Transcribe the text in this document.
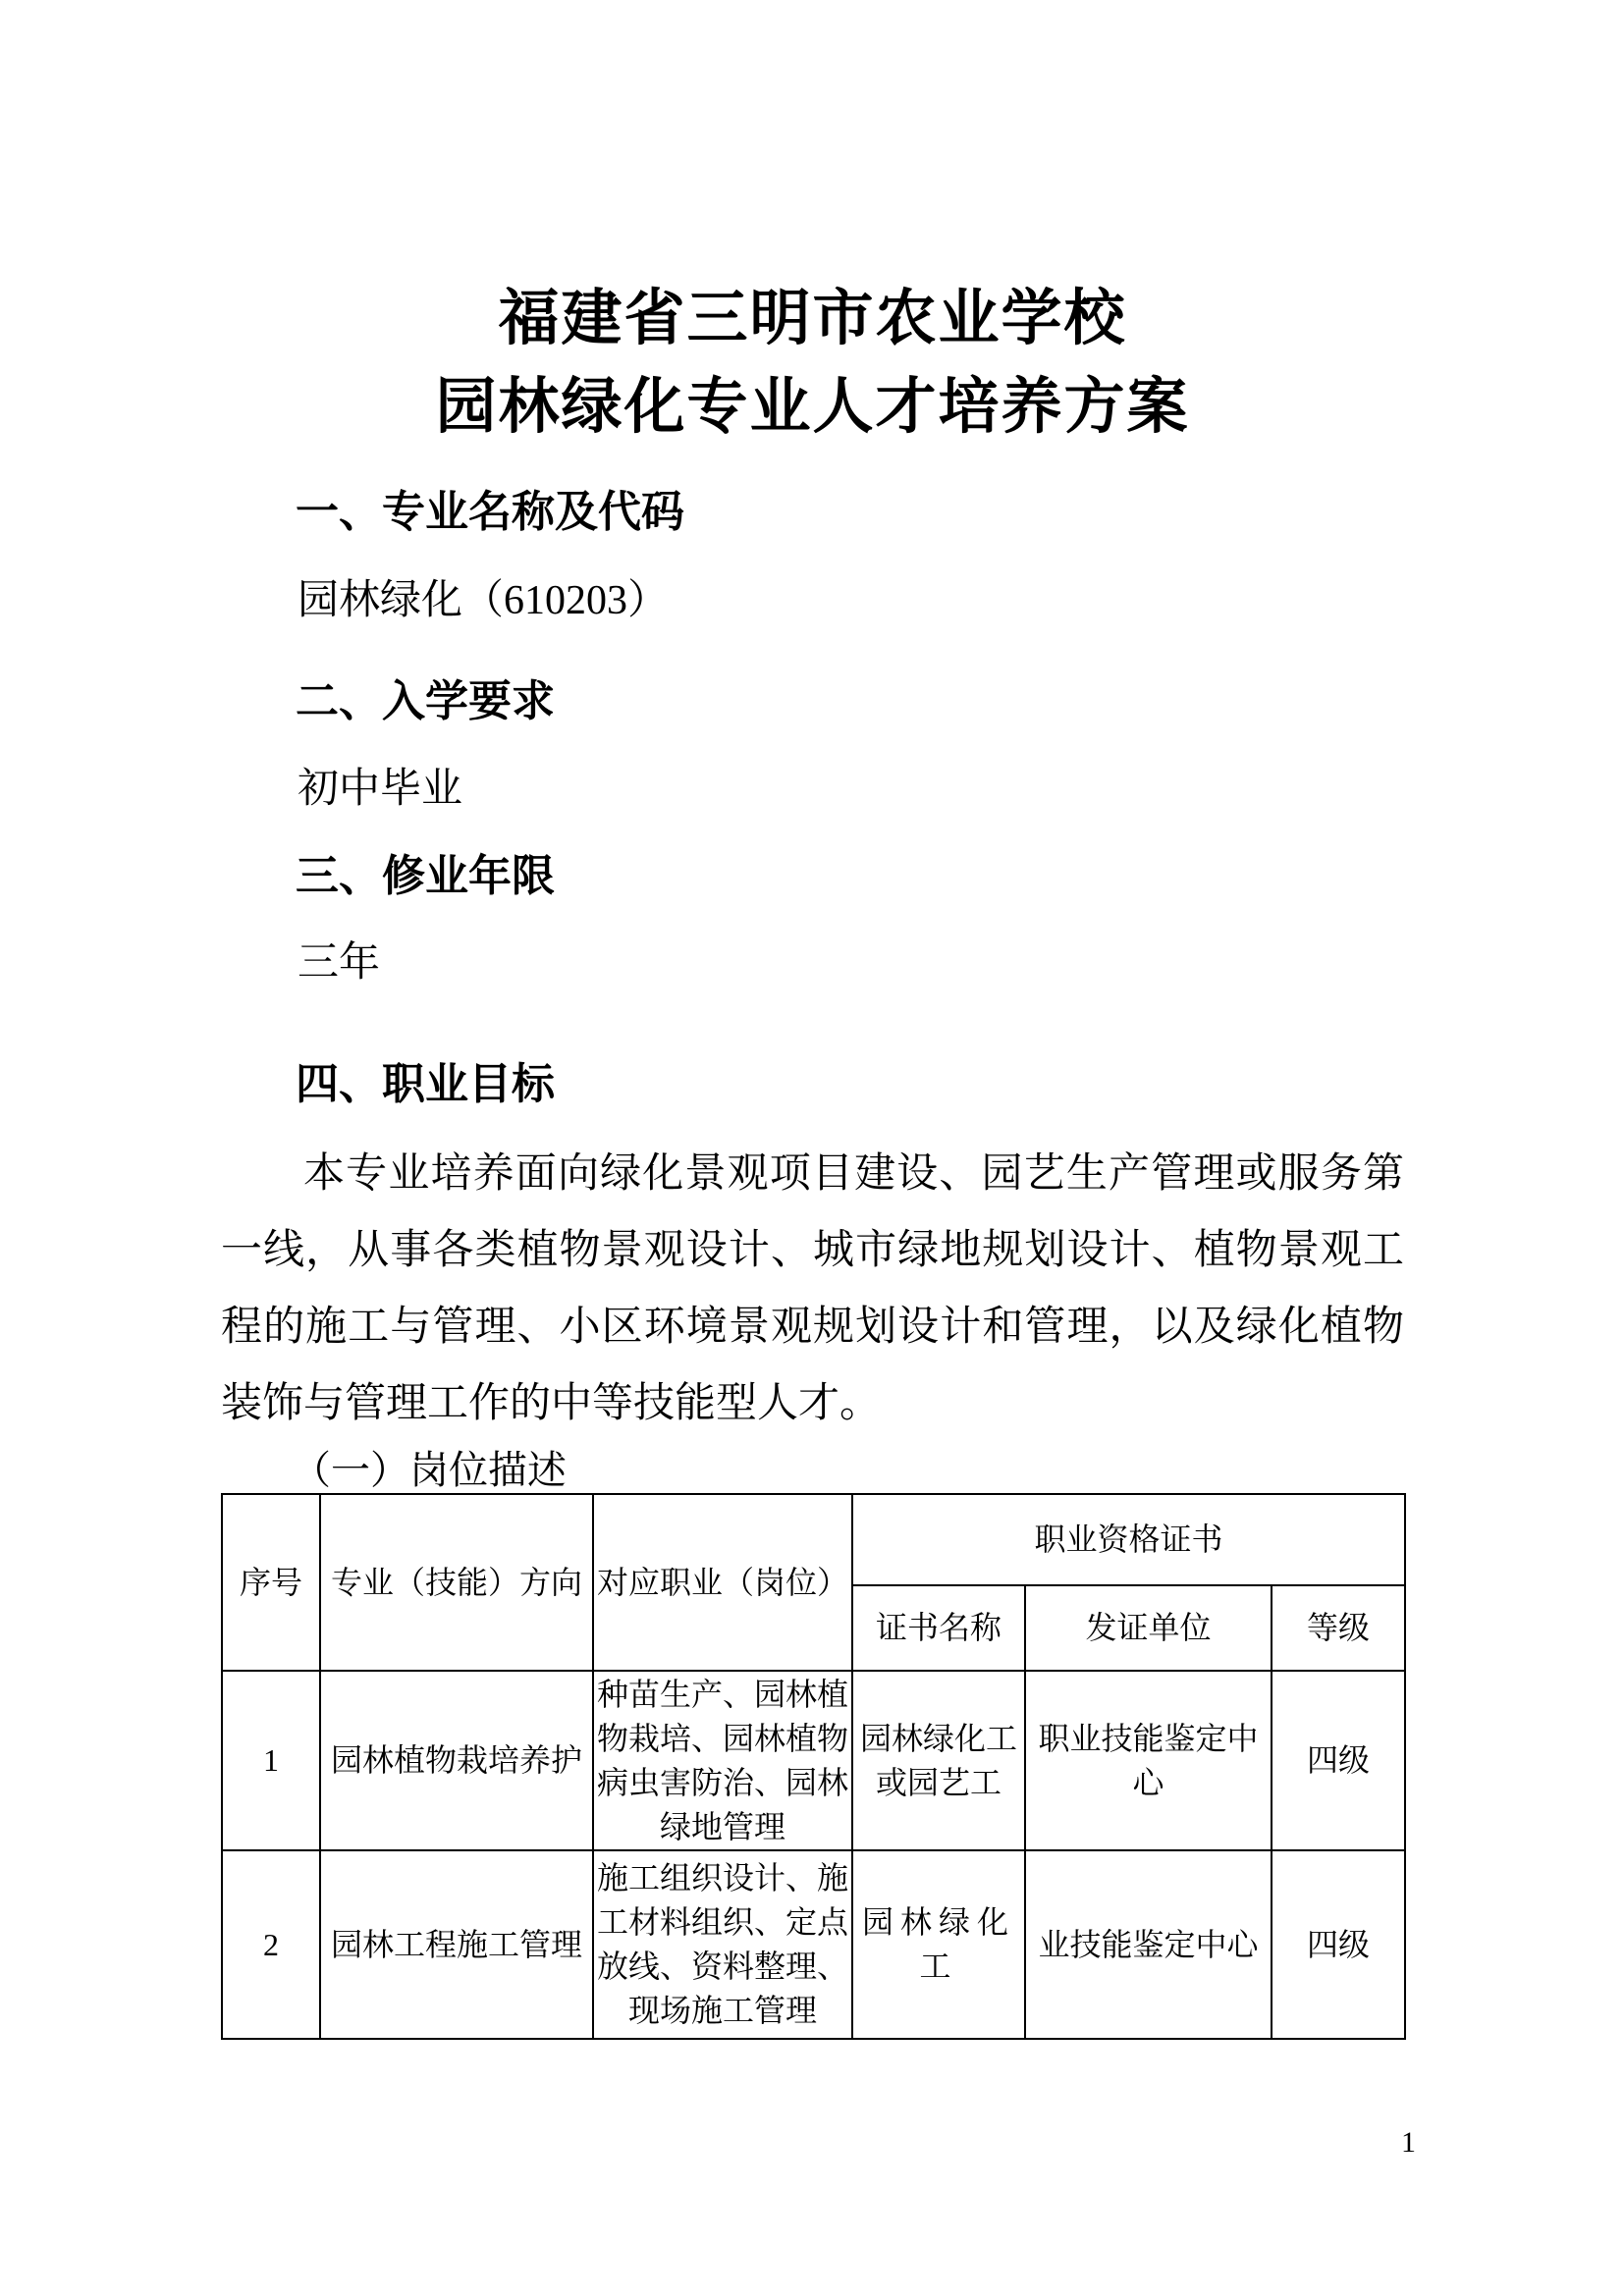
福建省三明市农业学校
园林绿化专业人才培养方案
一、专业名称及代码
园林绿化（610203）
二、入学要求
初中毕业
三、修业年限
三年
四、职业目标
本专业培养面向绿化景观项目建设、园艺生产管理或服务第一线，从事各类植物景观设计、城市绿地规划设计、植物景观工程的施工与管理、小区环境景观规划设计和管理，以及绿化植物装饰与管理工作的中等技能型人才。
（一）岗位描述
序号	专业（技能）方向	对应职业（岗位）	职业资格证书		
			证书名称	发证单位	等级
1	园林植物栽培养护	种苗生产、园林植物栽培、园林植物病虫害防治、园林绿地管理	园林绿化工或园艺工	职业技能鉴定中心	四级
2	园林工程施工管理	施工组织设计、施工材料组织、定点放线、资料整理、现场施工管理	园林绿化工	业技能鉴定中心	四级
1
